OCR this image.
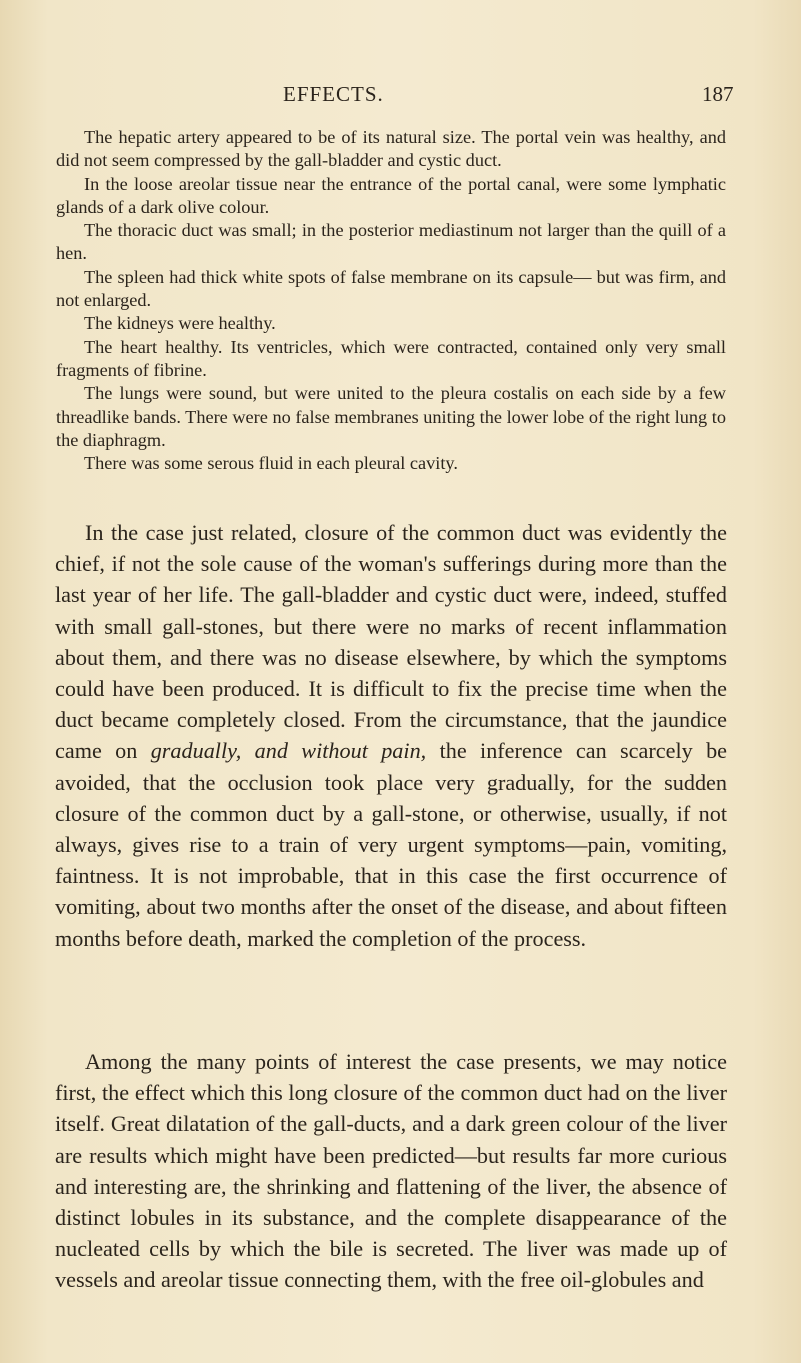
EFFECTS.	187

The hepatic artery appeared to be of its natural size. The portal vein was healthy, and did not seem compressed by the gall-bladder and cystic duct.

In the loose areolar tissue near the entrance of the portal canal, were some lymphatic glands of a dark olive colour.

The thoracic duct was small; in the posterior mediastinum not larger than the quill of a hen.

The spleen had thick white spots of false membrane on its capsule— but was firm, and not enlarged.

The kidneys were healthy.

The heart healthy. Its ventricles, which were contracted, contained only very small fragments of fibrine.

The lungs were sound, but were united to the pleura costalis on each side by a few threadlike bands. There were no false membranes uniting the lower lobe of the right lung to the diaphragm.

There was some serous fluid in each pleural cavity.

In the case just related, closure of the common duct was evidently the chief, if not the sole cause of the woman's sufferings during more than the last year of her life. The gall-bladder and cystic duct were, indeed, stuffed with small gall-stones, but there were no marks of recent inflammation about them, and there was no disease elsewhere, by which the symptoms could have been produced. It is difficult to fix the precise time when the duct became completely closed. From the circumstance, that the jaundice came on gradually, and without pain, the inference can scarcely be avoided, that the occlusion took place very gradually, for the sudden closure of the common duct by a gall-stone, or otherwise, usually, if not always, gives rise to a train of very urgent symptoms—pain, vomiting, faintness. It is not improbable, that in this case the first occurrence of vomiting, about two months after the onset of the disease, and about fifteen months before death, marked the completion of the process.

Among the many points of interest the case presents, we may notice first, the effect which this long closure of the common duct had on the liver itself. Great dilatation of the gall-ducts, and a dark green colour of the liver are results which might have been predicted—but results far more curious and interesting are, the shrinking and flattening of the liver, the absence of distinct lobules in its substance, and the complete disappearance of the nucleated cells by which the bile is secreted. The liver was made up of vessels and areolar tissue connecting them, with the free oil-globules and
